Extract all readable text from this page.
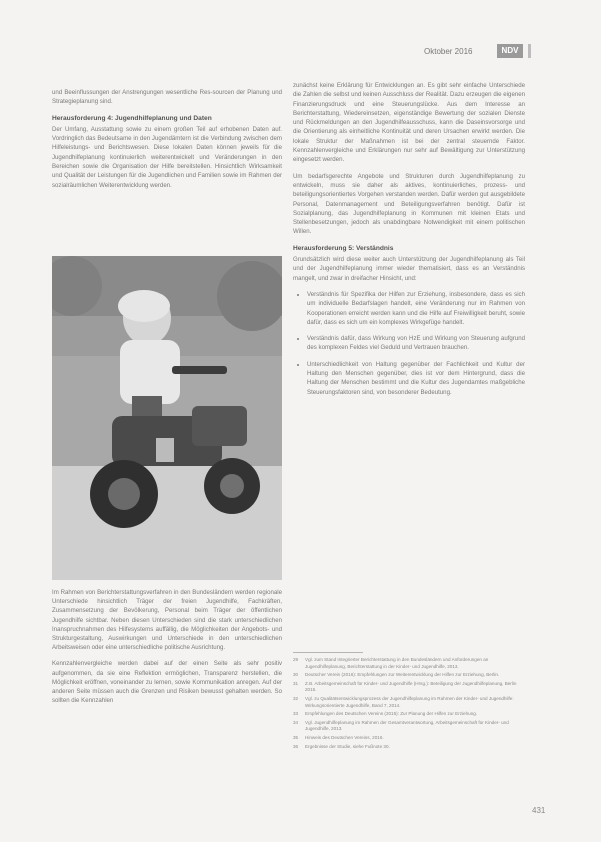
Oktober 2016	NDV

und Beeinflussungen der Anstrengungen wesentliche Res-sourcen der Planung und Strategieplanung sind.

Herausforderung 4: Jugendhilfeplanung und Daten

Der Umfang, Ausstattung sowie zu einem großen Teil auf erhobenen Daten auf. Vordringlich das Bedeutsame in den Jugendämtern ist die Verbindung zwischen dem Hilfeleistungs- und Berichtswesen. Diese lokalen Daten können jeweils für die Jugendhilfeplanung kontinuierlich weiterentwickelt und Veränderungen in den Bereichen sowie die Organisation der Hilfe bereitstellen. Hinsichtlich Wirksamkeit und Qualität der Leistungen für die Jugendlichen und Familien sowie im Rahmen der sozialräumlichen Weiterentwicklung werden.

Im Rahmen von Berichterstattungsverfahren in den Bundesländern werden regionale Unterschiede hinsichtlich Träger der freien Jugendhilfe, Fachkräften, Zusammensetzung der Bevölkerung, Personal beim Träger der öffentlichen Jugendhilfe sichtbar. Neben diesen Unterschieden sind die stark unterschiedlichen Inanspruchnahmen des Hilfesystems auffällig, die Möglichkeiten der Angebots- und Strukturgestaltung, Auswirkungen und Unterschiede in den unterschiedlichen Arbeitsweisen oder eine unterschiedliche politische Ausrichtung.

Kennzahlenvergleiche werden dabei auf der einen Seite als sehr positiv aufgenommen, da sie eine Reflektion ermöglichen, Transparenz herstellen, die Möglichkeit eröffnen, voneinander zu lernen, sowie Kommunikation anregen. Auf der anderen Seite müssen auch die Grenzen und Risiken bewusst gehalten werden. So sollten die Kennzahlen

zunächst keine Erklärung für Entwicklungen an. Es gibt sehr einfache Unterschiede die Zahlen die selbst und keinen Ausschluss der Realität. Dazu erzeugen die eigenen Finanzierungsdruck und eine Steuerungslücke. Aus dem Interesse an Berichterstattung, Wiedereinsetzen, eigenständige Bewertung der sozialen Dienste und Rückmeldungen an den Jugendhilfeausschuss, kann die Daseinsvorsorge und die Orientierung als einheitliche Kontinuität und deren Ursachen erwirkt werden. Die lokale Struktur der Maßnahmen ist bei der zentral steuernde Faktor. Kennzahlenvergleiche und Erklärungen nur sehr auf Bewältigung zur Unterstützung eingesetzt werden.

Um bedarfsgerechte Angebote und Strukturen durch Jugendhilfeplanung zu entwickeln, muss sie daher als aktives, kontinuierliches, prozess- und beteiligungsorientiertes Vorgehen verstanden werden. Dafür werden gut ausgebildete Personal, Datenmanagement und Beteiligungsverfahren benötigt. Dafür ist Sozialplanung, das Jugendhilfeplanung in Kommunen mit kleinen Etats und Stellenbesetzungen, jedoch als unabdingbare Notwendigkeit mit einem politischen Willen.

Herausforderung 5: Verständnis

Grundsätzlich wird diese weiter auch Unterstützung der Jugendhilfeplanung als Teil und der Jugendhilfeplanung immer wieder thematisiert, dass es an Verständnis mangelt, und zwar in dreifacher Hinsicht, und:

• Verständnis für Spezifika der Hilfen zur Erziehung, insbesondere, dass es sich um individuelle Bedarfslagen handelt, eine Veränderung nur im Rahmen von Kooperationen erreicht werden kann und die Hilfe auf Freiwilligkeit beruht, sowie dafür, dass es sich um ein komplexes Wirkgefüge handelt.
• Verständnis dafür, dass Wirkung von HzE und Wirkung von Steuerung aufgrund des komplexen Feldes viel Geduld und Vertrauen brauchen.
• Unterschiedlichkeit von Haltung gegenüber der Fachlichkeit und Kultur der Haltung den Menschen gegenüber, dies ist vor dem Hintergrund, dass die Haltung der Menschen bestimmt und die Kultur des Jugendamtes maßgebliche Steuerungsfaktoren sind, von besonderer Bedeutung.
29	Vgl. zum Stand Integrierter Berichterstattung in den Bundesländern und Anforderungen an Jugendhilfeplanung, Berichterstattung in der Kinder- und Jugendhilfe, 2013.
30	Deutscher Verein (2016): Empfehlungen zur Weiterentwicklung der Hilfen zur Erziehung, Berlin.
31	Z.B. Arbeitsgemeinschaft für Kinder- und Jugendhilfe (Hrsg.): Beteiligung der Jugendhilfeplanung, Berlin 2015.
32	Vgl. zu Qualitätsentwicklungsprozess der Jugendhilfeplanung im Rahmen der Kinder- und Jugendhilfe: Wirkungsorientierte Jugendhilfe, Band 7, 2014.
33	Empfehlungen des Deutschen Vereins (2015): Zur Planung der Hilfen zur Erziehung.
34	Vgl. Jugendhilfeplanung im Rahmen der Gesamtverantwortung, Arbeitsgemeinschaft für Kinder- und Jugendhilfe, 2013.
35	Hinweis des Deutschen Vereins, 2016.
36	Ergebnisse der Studie, siehe Fußnote 30.
431
